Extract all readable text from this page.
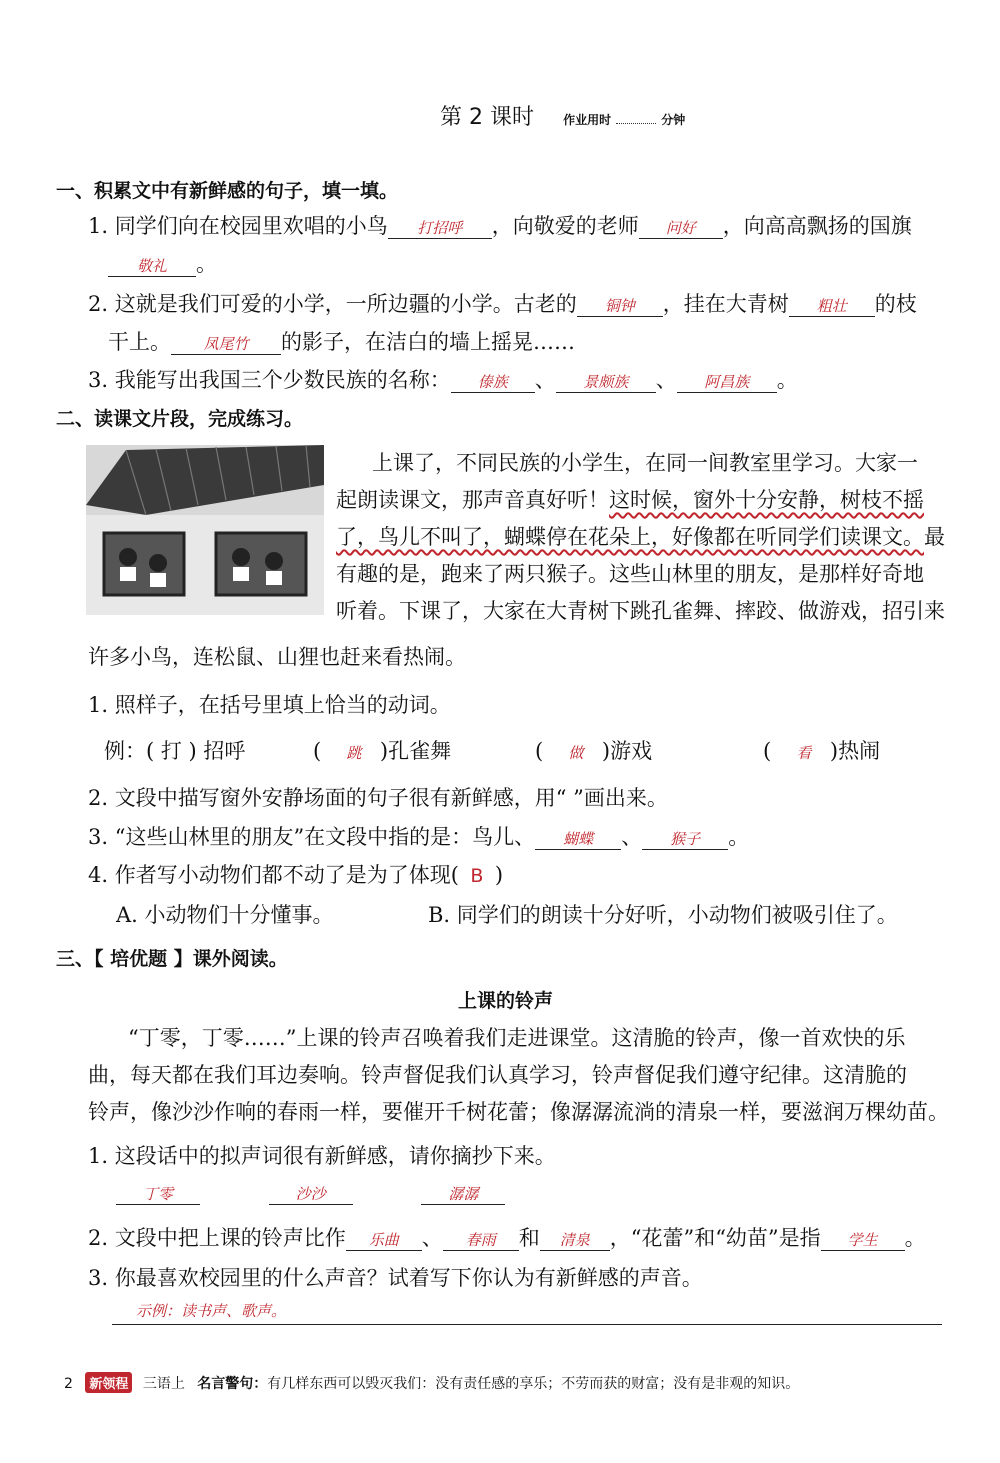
第 2 课时 作业用时	分钟
一、积累文中有新鲜感的句子，填一填。
1. 同学们向在校园里欢唱的小鸟 打招呼 ，向敬爱的老师 问好 ，向高高飘扬的国旗
敬礼 。
2. 这就是我们可爱的小学，一所边疆的小学。古老的 铜钟 ，挂在大青树 粗壮 的枝
干上。 凤尾竹 的影子，在洁白的墙上摇晃……
3. 我能写出我国三个少数民族的名称： 傣族 、 景颇族 、 阿昌族 。
二、读课文片段，完成练习。
上课了，不同民族的小学生，在同一间教室里学习。大家一
起朗读课文，那声音真好听！这时候，窗外十分安静，树枝不摇
了，鸟儿不叫了，蝴蝶停在花朵上，好像都在听同学们读课文。最
有趣的是，跑来了两只猴子。这些山林里的朋友，是那样好奇地
听着。下课了，大家在大青树下跳孔雀舞、摔跤、做游戏，招引来
许多小鸟，连松鼠、山狸也赶来看热闹。
1. 照样子，在括号里填上恰当的动词。
例：( 打 ) 招呼	( 跳 )孔雀舞	( 做 )游戏	( 看 )热闹
2. 文段中描写窗外安静场面的句子很有新鲜感，用“ ”画出来。
3. “这些山林里的朋友”在文段中指的是：鸟儿、 蝴蝶 、 猴子 。
4. 作者写小动物们都不动了是为了体现( B )
A. 小动物们十分懂事。	B. 同学们的朗读十分好听，小动物们被吸引住了。
三、【 培优题 】课外阅读。
上课的铃声
“丁零，丁零……”上课的铃声召唤着我们走进课堂。这清脆的铃声，像一首欢快的乐
曲，每天都在我们耳边奏响。铃声督促我们认真学习，铃声督促我们遵守纪律。这清脆的
铃声，像沙沙作响的春雨一样，要催开千树花蕾；像潺潺流淌的清泉一样，要滋润万棵幼苗。
1. 这段话中的拟声词很有新鲜感，请你摘抄下来。
丁零	沙沙	潺潺
2. 文段中把上课的铃声比作 乐曲 、 春雨 和 清泉 ，“花蕾”和“幼苗”是指 学生 。
3. 你最喜欢校园里的什么声音？试着写下你认为有新鲜感的声音。
示例：读书声、歌声。
2 新领程 三语上 名言警句：有几样东西可以毁灭我们：没有责任感的享乐；不劳而获的财富；没有是非观的知识。
